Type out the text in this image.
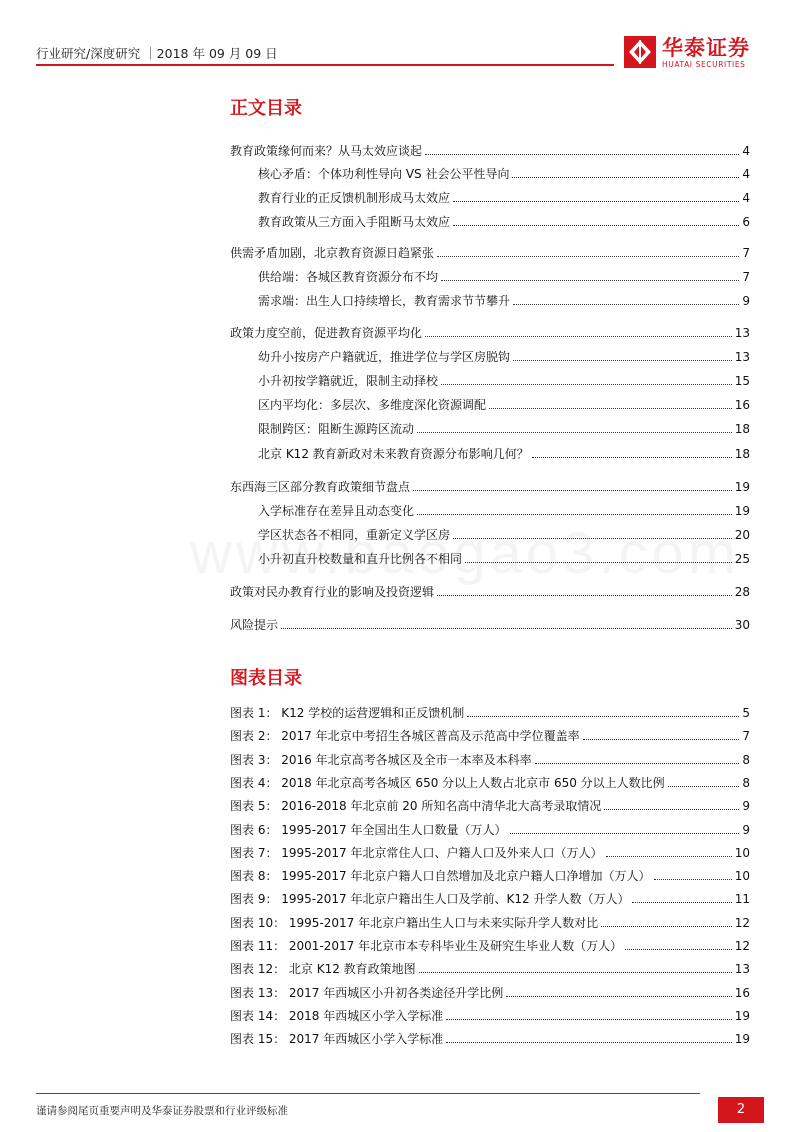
行业研究/深度研究 ｜2018 年 09 月 09 日	华泰证券
HUATAI SECURITIES
正文目录
教育政策缘何而来？从马太效应谈起	4
核心矛盾：个体功利性导向 VS 社会公平性导向	4
教育行业的正反馈机制形成马太效应	4
教育政策从三方面入手阻断马太效应	6
供需矛盾加剧，北京教育资源日趋紧张	7
供给端：各城区教育资源分布不均	7
需求端：出生人口持续增长，教育需求节节攀升	9
政策力度空前，促进教育资源平均化	13
幼升小按房产户籍就近，推进学位与学区房脱钩	13
小升初按学籍就近，限制主动择校	15
区内平均化：多层次、多维度深化资源调配	16
限制跨区：阻断生源跨区流动	18
北京 K12 教育新政对未来教育资源分布影响几何？	18
东西海三区部分教育政策细节盘点	19
入学标准存在差异且动态变化	19
学区状态各不相同，重新定义学区房	20
小升初直升校数量和直升比例各不相同	25
政策对民办教育行业的影响及投资逻辑	28
风险提示	30
图表目录
图表 1： K12 学校的运营逻辑和正反馈机制	5
图表 2： 2017 年北京中考招生各城区普高及示范高中学位覆盖率	7
图表 3： 2016 年北京高考各城区及全市一本率及本科率	8
图表 4： 2018 年北京高考各城区 650 分以上人数占北京市 650 分以上人数比例	8
图表 5： 2016-2018 年北京前 20 所知名高中清华北大高考录取情况	9
图表 6： 1995-2017 年全国出生人口数量（万人）	9
图表 7： 1995-2017 年北京常住人口、户籍人口及外来人口（万人）	10
图表 8： 1995-2017 年北京户籍人口自然增加及北京户籍人口净增加（万人）	10
图表 9： 1995-2017 年北京户籍出生人口及学前、K12 升学人数（万人）	11
图表 10： 1995-2017 年北京户籍出生人口与未来实际升学人数对比	12
图表 11： 2001-2017 年北京市本专科毕业生及研究生毕业人数（万人）	12
图表 12： 北京 K12 教育政策地图	13
图表 13： 2017 年西城区小升初各类途径升学比例	16
图表 14： 2018 年西城区小学入学标准	19
图表 15： 2017 年西城区小学入学标准	19
谨请参阅尾页重要声明及华泰证券股票和行业评级标准	2
